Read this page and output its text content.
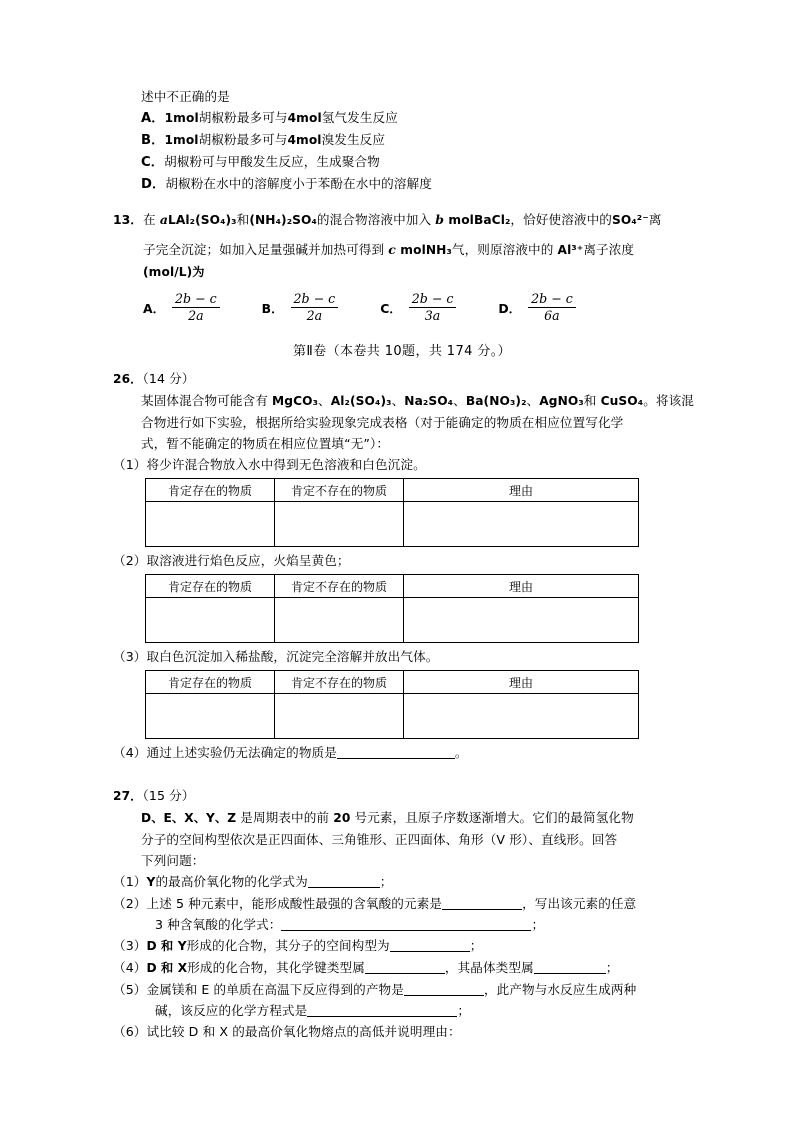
述中不正确的是
A．1mol胡椒粉最多可与4mol氢气发生反应
B．1mol胡椒粉最多可与4mol溴发生反应
C．胡椒粉可与甲酸发生反应，生成聚合物
D．胡椒粉在水中的溶解度小于苯酚在水中的溶解度
13． 在 aLAl₂(SO₄)₃和(NH₄)₂SO₄的混合物溶液中加入 b molBaCl₂，恰好使溶液中的SO₄²⁻离
子完全沉淀；如加入足量强碱并加热可得到 c molNH₃气，则原溶液中的 Al³⁺离子浓度
(mol/L)为
A． $\frac{2b - c}{2a}$	B． $\frac{2b - c}{2a}$	C． $\frac{2b - c}{3a}$	D． $\frac{2b - c}{6a}$
第Ⅱ卷（本卷共 10题，共 174 分。）
26．（14 分）
某固体混合物可能含有 MgCO₃、Al₂(SO₄)₃、Na₂SO₄、Ba(NO₃)₂、AgNO₃和 CuSO₄。将该混
合物进行如下实验，根据所给实验现象完成表格（对于能确定的物质在相应位置写化学
式，暂不能确定的物质在相应位置填“无”）：
（1）将少许混合物放入水中得到无色溶液和白色沉淀。
肯定存在的物质	肯定不存在的物质	理由

（2）取溶液进行焰色反应，火焰呈黄色；
肯定存在的物质	肯定不存在的物质	理由

（3）取白色沉淀加入稀盐酸，沉淀完全溶解并放出气体。
肯定存在的物质	肯定不存在的物质	理由

（4）通过上述实验仍无法确定的物质是	。
27．（15 分）
D、E、X、Y、Z 是周期表中的前 20 号元素，且原子序数逐渐增大。它们的最简氢化物
分子的空间构型依次是正四面体、三角锥形、正四面体、角形（V 形）、直线形。回答
下列问题：
（1）Y的最高价氧化物的化学式为	；
（2）上述 5 种元素中，能形成酸性最强的含氧酸的元素是	，写出该元素的任意
3 种含氧酸的化学式：	；
（3）D 和 Y形成的化合物，其分子的空间构型为	；
（4）D 和 X形成的化合物，其化学键类型属	，其晶体类型属	；
（5）金属镁和 E 的单质在高温下反应得到的产物是	，此产物与水反应生成两种
碱，该反应的化学方程式是	；
（6）试比较 D 和 X 的最高价氧化物熔点的高低并说明理由：
